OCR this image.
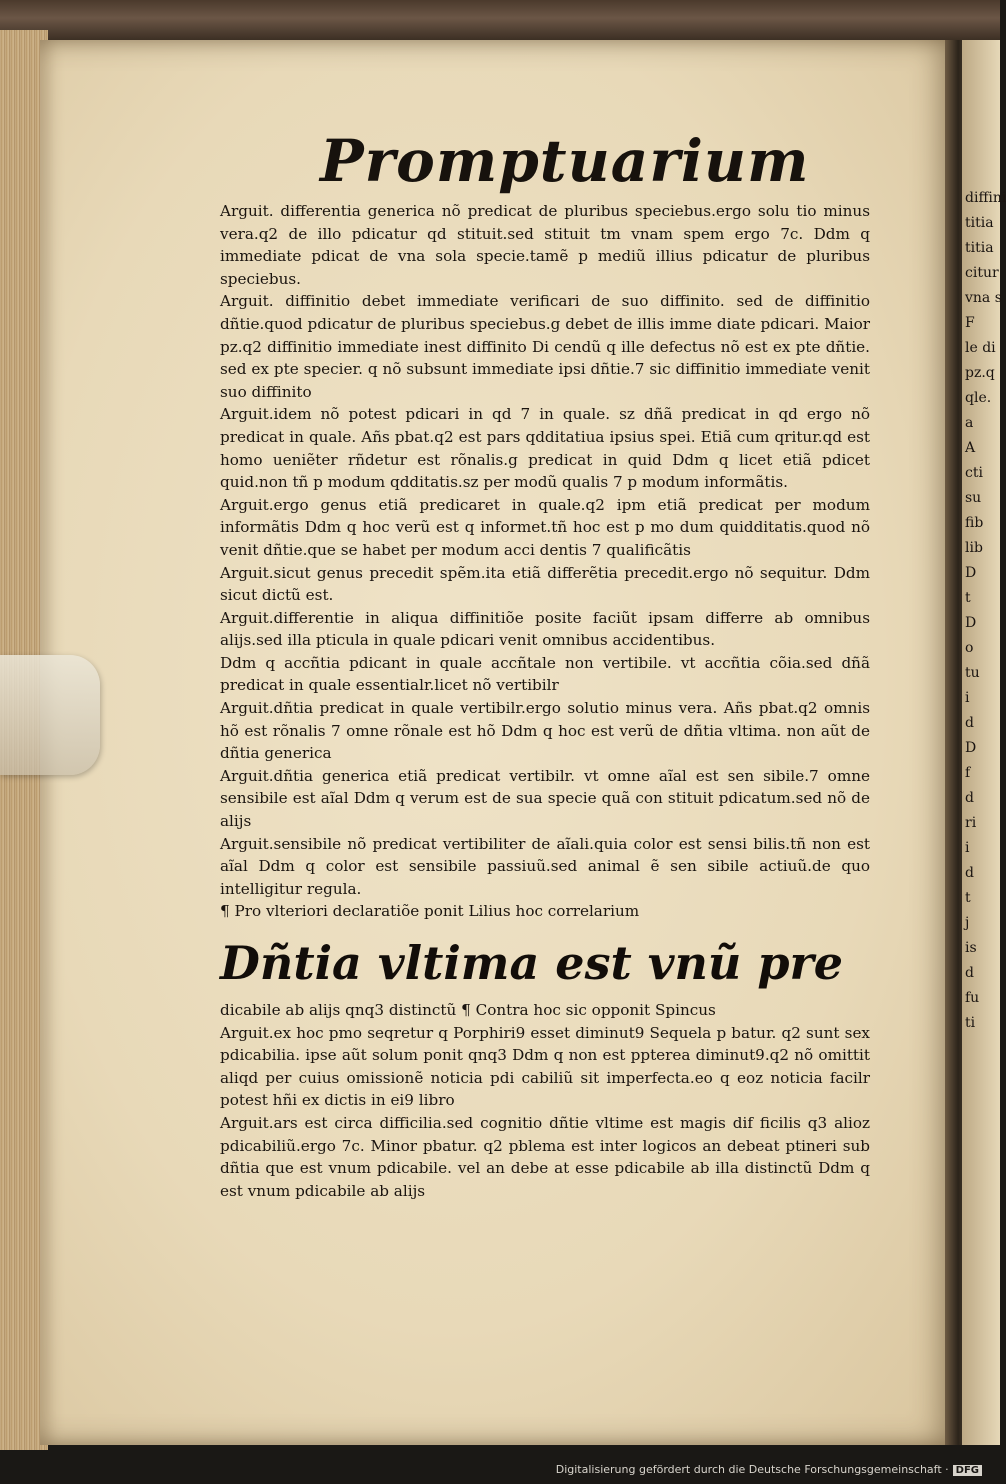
diffini
titia
titia
citur
vna s
F
le di
pz.q
qle.
a
A
cti
su
fib
lib
D
t
D
o
tu
i
d
D
f
d
ri
i
d
t
j
is
d
fu
ti
Promptuarium

Arguit. differentia generica nõ predicat de pluribus speciebus.ergo solu tio minus vera.q2 de illo pdicatur qd stituit.sed stituit tm vnam spem ergo 7c. Ddm q immediate pdicat de vna sola specie.tamẽ p mediũ illius pdicatur de pluribus speciebus.

Arguit. diffinitio debet immediate verificari de suo diffinito. sed de diffinitio dñtie.quod pdicatur de pluribus speciebus.g debet de illis imme diate pdicari. Maior pz.q2 diffinitio immediate inest diffinito Di cendũ q ille defectus nõ est ex pte dñtie. sed ex pte specier. q nõ subsunt immediate ipsi dñtie.7 sic diffinitio immediate venit suo diffinito

Arguit.idem nõ potest pdicari in qd 7 in quale. sz dñã predicat in qd ergo nõ predicat in quale. Añs pbat.q2 est pars qdditatiua ipsius spei. Etiã cum qritur.qd est homo ueniẽter rñdetur est rõnalis.g predicat in quid Ddm q licet etiã pdicet quid.non tñ p modum qdditatis.sz per modũ qualis 7 p modum informãtis.

Arguit.ergo genus etiã predicaret in quale.q2 ipm etiã predicat per modum informãtis Ddm q hoc verũ est q informet.tñ hoc est p mo dum quidditatis.quod nõ venit dñtie.que se habet per modum acci dentis 7 qualificãtis

Arguit.sicut genus precedit spẽm.ita etiã differẽtia precedit.ergo nõ sequitur. Ddm sicut dictũ est.

Arguit.differentie in aliqua diffinitiõe posite faciũt ipsam differre ab omnibus alijs.sed illa pticula in quale pdicari venit omnibus accidentibus.

Ddm q accñtia pdicant in quale accñtale non vertibile. vt accñtia cõia.sed dñã predicat in quale essentialr.licet nõ vertibilr

Arguit.dñtia predicat in quale vertibilr.ergo solutio minus vera. Añs pbat.q2 omnis hõ est rõnalis 7 omne rõnale est hõ Ddm q hoc est verũ de dñtia vltima. non aũt de dñtia generica

Arguit.dñtia generica etiã predicat vertibilr. vt omne aĩal est sen sibile.7 omne sensibile est aĩal Ddm q verum est de sua specie quã con stituit pdicatum.sed nõ de alijs

Arguit.sensibile nõ predicat vertibiliter de aĩali.quia color est sensi bilis.tñ non est aĩal Ddm q color est sensibile passiuũ.sed animal ẽ sen sibile actiuũ.de quo intelligitur regula.

¶ Pro vlteriori declaratiõe ponit Lilius hoc correlarium

Dñtia vltima est vnũ pre

dicabile ab alijs qnq3 distinctũ ¶ Contra hoc sic opponit Spincus

Arguit.ex hoc pmo seqretur q Porphiri9 esset diminut9 Sequela p batur. q2 sunt sex pdicabilia. ipse aũt solum ponit qnq3 Ddm q non est ppterea diminut9.q2 nõ omittit aliqd per cuius omissionẽ noticia pdi cabiliũ sit imperfecta.eo q eoz noticia facilr potest hñi ex dictis in ei9 libro

Arguit.ars est circa difficilia.sed cognitio dñtie vltime est magis dif ficilis q3 alioz pdicabiliũ.ergo 7c. Minor pbatur. q2 pblema est inter logicos an debeat ptineri sub dñtia que est vnum pdicabile. vel an debe at esse pdicabile ab illa distinctũ Ddm q est vnum pdicabile ab alijs

Digitalisierung gefördert durch die Deutsche Forschungsgemeinschaft · DFG
